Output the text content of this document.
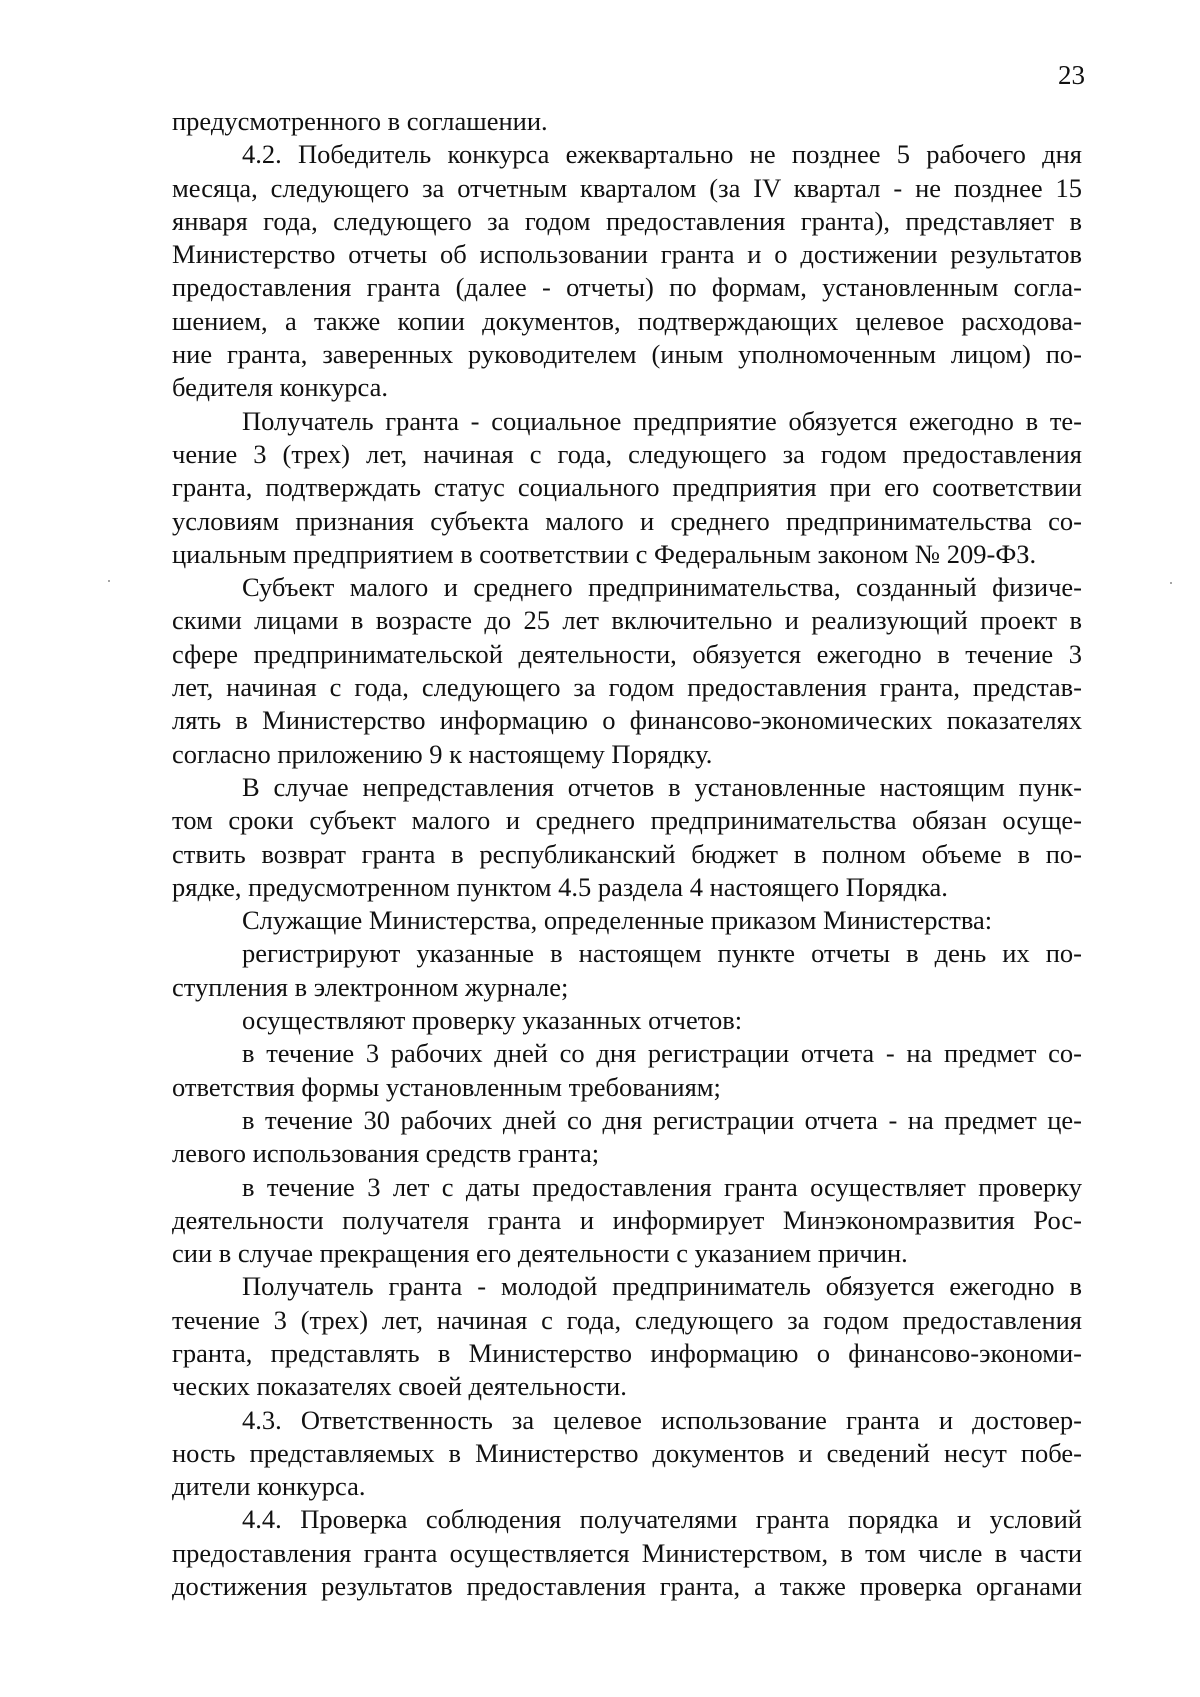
23
предусмотренного в соглашении.
4.2. Победитель конкурса ежеквартально не позднее 5 рабочего дня
месяца, следующего за отчетным кварталом (за IV квартал - не позднее 15
января года, следующего за годом предоставления гранта), представляет в
Министерство отчеты об использовании гранта и о достижении результатов
предоставления гранта (далее - отчеты) по формам, установленным согла-
шением, а также копии документов, подтверждающих целевое расходова-
ние гранта, заверенных руководителем (иным уполномоченным лицом) по-
бедителя конкурса.
Получатель гранта - социальное предприятие обязуется ежегодно в те-
чение 3 (трех) лет, начиная с года, следующего за годом предоставления
гранта, подтверждать статус социального предприятия при его соответствии
условиям признания субъекта малого и среднего предпринимательства со-
циальным предприятием в соответствии с Федеральным законом № 209-ФЗ.
Субъект малого и среднего предпринимательства, созданный физиче-
скими лицами в возрасте до 25 лет включительно и реализующий проект в
сфере предпринимательской деятельности, обязуется ежегодно в течение 3
лет, начиная с года, следующего за годом предоставления гранта, представ-
лять в Министерство информацию о финансово-экономических показателях
согласно приложению 9 к настоящему Порядку.
В случае непредставления отчетов в установленные настоящим пунк-
том сроки субъект малого и среднего предпринимательства обязан осуще-
ствить возврат гранта в республиканский бюджет в полном объеме в по-
рядке, предусмотренном пунктом 4.5 раздела 4 настоящего Порядка.
Служащие Министерства, определенные приказом Министерства:
регистрируют указанные в настоящем пункте отчеты в день их по-
ступления в электронном журнале;
осуществляют проверку указанных отчетов:
в течение 3 рабочих дней со дня регистрации отчета - на предмет со-
ответствия формы установленным требованиям;
в течение 30 рабочих дней со дня регистрации отчета - на предмет це-
левого использования средств гранта;
в течение 3 лет с даты предоставления гранта осуществляет проверку
деятельности получателя гранта и информирует Минэкономразвития Рос-
сии в случае прекращения его деятельности с указанием причин.
Получатель гранта - молодой предприниматель обязуется ежегодно в
течение 3 (трех) лет, начиная с года, следующего за годом предоставления
гранта, представлять в Министерство информацию о финансово-экономи-
ческих показателях своей деятельности.
4.3. Ответственность за целевое использование гранта и достовер-
ность представляемых в Министерство документов и сведений несут побе-
дители конкурса.
4.4. Проверка соблюдения получателями гранта порядка и условий
предоставления гранта осуществляется Министерством, в том числе в части
достижения результатов предоставления гранта, а также проверка органами
